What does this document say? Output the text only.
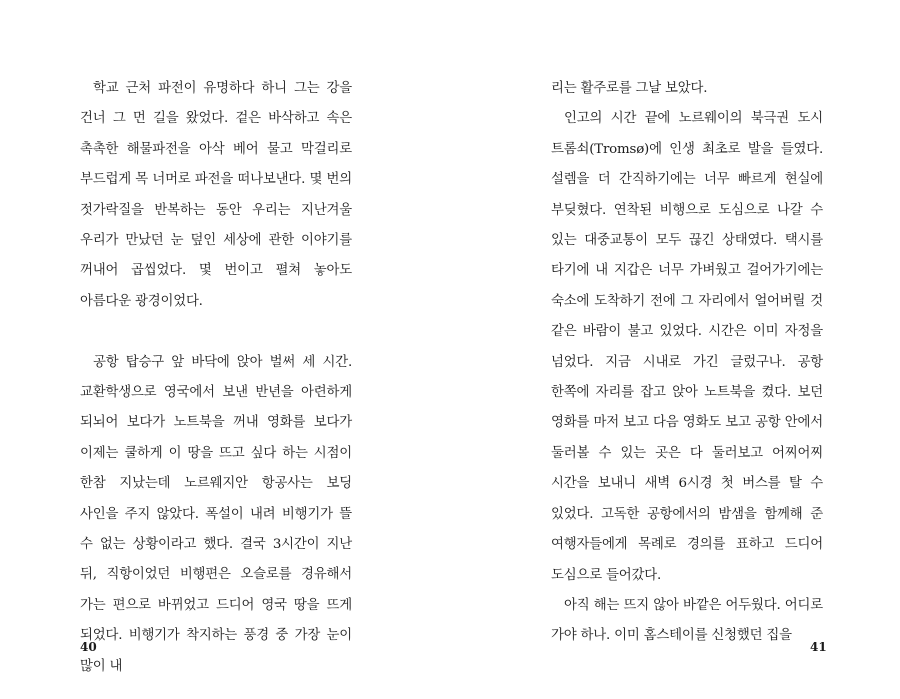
학교 근처 파전이 유명하다 하니 그는 강을 건너 그 먼 길을 왔었다. 겉은 바삭하고 속은 촉촉한 해물파전을 아삭 베어 물고 막걸리로 부드럽게 목 너머로 파전을 떠나보낸다. 몇 번의 젓가락질을 반복하는 동안 우리는 지난겨울 우리가 만났던 눈 덮인 세상에 관한 이야기를 꺼내어 곱씹었다. 몇 번이고 펼쳐 놓아도 아름다운 광경이었다.

공항 탑승구 앞 바닥에 앉아 벌써 세 시간. 교환학생으로 영국에서 보낸 반년을 아련하게 되뇌어 보다가 노트북을 꺼내 영화를 보다가 이제는 쿨하게 이 땅을 뜨고 싶다 하는 시점이 한참 지났는데 노르웨지안 항공사는 보딩 사인을 주지 않았다. 폭설이 내려 비행기가 뜰 수 없는 상황이라고 했다. 결국 3시간이 지난 뒤, 직항이었던 비행편은 오슬로를 경유해서 가는 편으로 바뀌었고 드디어 영국 땅을 뜨게 되었다. 비행기가 착지하는 풍경 중 가장 눈이 많이 내

40

리는 활주로를 그날 보았다.

인고의 시간 끝에 노르웨이의 북극권 도시 트롬쇠(Tromsø)에 인생 최초로 발을 들였다. 설렘을 더 간직하기에는 너무 빠르게 현실에 부딪혔다. 연착된 비행으로 도심으로 나갈 수 있는 대중교통이 모두 끊긴 상태였다. 택시를 타기에 내 지갑은 너무 가벼웠고 걸어가기에는 숙소에 도착하기 전에 그 자리에서 얼어버릴 것 같은 바람이 불고 있었다. 시간은 이미 자정을 넘었다. 지금 시내로 가긴 글렀구나. 공항 한쪽에 자리를 잡고 앉아 노트북을 켰다. 보던 영화를 마저 보고 다음 영화도 보고 공항 안에서 둘러볼 수 있는 곳은 다 둘러보고 어찌어찌 시간을 보내니 새벽 6시경 첫 버스를 탈 수 있었다. 고독한 공항에서의 밤샘을 함께해 준 여행자들에게 목례로 경의를 표하고 드디어 도심으로 들어갔다.

아직 해는 뜨지 않아 바깥은 어두웠다. 어디로 가야 하나. 이미 홈스테이를 신청했던 집을

41
